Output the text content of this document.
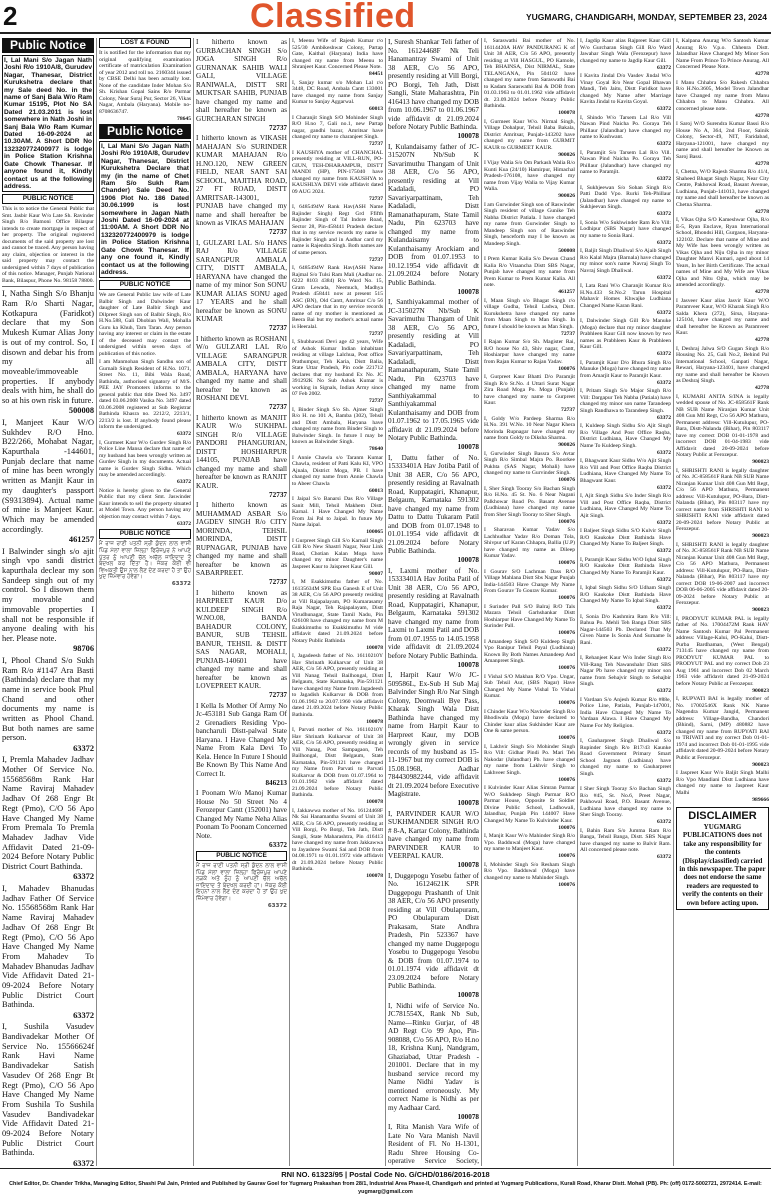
2	Classified	YUGMARG, CHANDIGARH, MONDAY, SEPTEMBER 23, 2024
Public Notice
I, Lal Mani S/o Jagan Nath Joshi R/o 1910A/8, Gurudev Nagar, Thanesar, District Kurukshetra declare that my Sale deed No. in the name of Sanj Bala W/o Ram Kumar 15195, Plot No SA Dated 21.03.2011 is lost somewhere in Nath Joshi in Sanj Bala W/o Ram Kumar Dated 16-09-2024 at 10.30AM. A Short DDR No 132320772400977 is lodge in Police Station Krishna Gate Chowk Thanesar. If anyone found it, Kindly contact us at the following address.
PUBLIC NOTICE

This is to notice the General Public that Smt. Jasbir Kaur W/o Late Sh. Ravinder Singh R/o Bamoni Office Bilaspur intends to create mortgage in respect of her property. The original registered documents of the said property are lost and cannot be traced. Any person having any claim, objection or interest in the said property may contact the undersigned within 7 days of publication of this notice. Manager, Punjab National Bank, Bilaspur, Phone No. 98158 78800.

I, Natha Singh S/o Bhanju Ram R/o Sharti Nagar, Kotkapura (Faridkot) declare that my Son Mukesh Kumar Alias Jony is out of my control. So, I disown and debar his from my all moveable/immoveable properties. If anybody deals with him, he shall do so at his own risk in future.

500008

I, Manjeet Kaur W/O Sukhdev R/O Hno. B22/266, Mohabat Nagar, Kapurthala -144601, Punjab declare that name of mine has been wrongly written as Manjit Kaur in my daughter's passport (S9313894). Actual name of mine is Manjeet Kaur. Which may be amended accordingly.

461257

I Balwinder singh s/o ajit singh vpo sandi district kapurthala declear my son Sandeep singh out of my control. So I disown them my movable and immovable properties I shall not be responsible if anyone dealing with his her. Please note.

98706

I, Phool Chand S/o Sukh Ram R/o #1147 Ara Basti (Bathinda) declare that my name in service book Phul Chand and other documents my name is written as Phool Chand. But both names are same person.

63372

I, Premla Mahadev Jadhav Mother Of Service No. 15568568m Rank Har Name Raviraj Mahadev Jadhav Of 268 Engr Bt Regt (Pmo), C/O 56 Apo Have Changed My Name From Premala To Premla Mahadev Jadhav Vide Affidavit Dated 21-09-2024 Before Notary Public District Court Bathinda.

63372

I, Mahadev Bhanudas Jadhav Father Of Service No. 15568568m Rank Har Name Raviraj Mahadev Jadhav Of 268 Engr Bt Regt (Pmo), C/O 56 Apo Have Changed My Name From Mahadev To Mahadev Bhanudas Jadhav Vide Affidavit Dated 21-09-2024 Before Notary Public District Court Bathinda.

63372

I, Sushila Vasudev Bandivadekar Mother Of Service No. 15566624f Rank Havi Name Bandivadekar Satish Vasudev Of 268 Engr Bt Regt (Pmo), C/O 56 Apo Have Changed My Name From Sushila To Sushila Vasudev Bandivadekar Vide Affidavit Dated 21-09-2024 Before Notary Public District Court Bathinda.

63372

LOST & FOUND

It is notified for the information that my original qualifying examination certificate of matriculation Examination of year 2012 and roll no. 2160344 issued by CBSE Delhi has been actually lost. None of the candidate Inder Mohan S/o Sh. Krishan Gopal Sains R/o Parmar Colony, Near Suraj Pur, Sector 26, Vikas Nagar, Ambala (Haryana). Mobile no-8708636747.

78645

Public Notice
I, Lal Mani S/o Jagan Nath Joshi R/o 1910A/8, Gurudev Nagar, Thanesar, District Kurukshetra Declare that my (in the name of Chet Ram S/o Sukh Ram Chander) Sale Deed No. 1906 Plot No. 186 Dated 30.06.1999 is lost somewhere in Jagan Nath Joshi Dated 16-09-2024 at 11:00AM. A Short DDR No 132320772400979 is lodge in Police Station Krishna Gate Chowk Thanesar. If any one found it, Kindly contact us at the following address.
PUBLIC NOTICE

We are General Public law wife of Late Balbir Singh and Dalwinder Kaur daughter of Late Balbir Singh and Dilpreet Singh son of Balbir Singh, R/o H.No.588, Gali Dhobian Wali, Mohalla Guru ka Khuh, Tarn Taran. Any person having any interest or claim in the estate of the deceased may contact the undersigned within seven days of publication of this notice.

I am Manmohan Singh Sandhu son of Gurnaib Singh Resident of H.No. 1071, Street No. 11, Bibi Wala Road, Bathinda, authorised signatory of M/S. PEE JAY Promoters informs to the general public that title Deed No. 3497 dated 03.06.2008 Vasika No. 3497 dated 03.06.2008 registered at Sub Registrar Bathinda Khasra no. 2212/2, 2213/1, 2213/2 is lost. If anybody found please inform the undersigned.

63372

I, Gurmeet Kaur W/o Gurdev Singh R/o Police Line Mansa declare that name of my husband has been wrongly written as Gurdev Singh in my documents. Actual name is Gurdev Singh Sidhu. Which may be amended accordingly.

63372

Notice is hereby given to the General Public that my client Smt. Jaswinder Kaur intends to sell the property situated at Model Town. Any person having any objection may contact within 7 days.

63372

PUBLIC NOTICE

ਮੈਂ ਰਾਜ ਰਾਣੀ ਪਤਨੀ ਸ੍ਰੀ ਕੁੰਦਨ ਲਾਲ ਵਾਸੀ ਪਿੰਡ ਮੱਲਾਂ ਵਾਲਾ ਜ਼ਿਲ੍ਹਾ ਫਿਰੋਜ਼ਪੁਰ ਨੇ ਆਪਣੇ ਪੁੱਤਰ ਨੂੰ ਆਪਣੀ ਚੱਲ ਅਚੱਲ ਜਾਇਦਾਦ ਤੋਂ ਬੇਦਖਲ ਕਰ ਦਿੱਤਾ ਹੈ। ਜੇਕਰ ਕੋਈ ਵੀ ਵਿਅਕਤੀ ਉਸ ਨਾਲ ਲੈਣ ਦੇਣ ਕਰਦਾ ਹੈ ਤਾਂ ਉਹ ਖੁਦ ਜ਼ਿੰਮੇਵਾਰ ਹੋਵੇਗਾ।

63372

I hitherto known as GURBACHAN SINGH S/o JOGA SINGH R/o GURNANAK SAHIB WALI GALI, VILLAGE RANIWALA, DISTT SRI MUKTSAR SAHIB, PUNJAB have changed my name and shall hereafter be known as GURCHARAN SINGH

72737

I hitherto known as VIKASH MAHAJAN S/o SURINDER KUMAR MAHAJAN R/o H.NO.120, NEW GREEN FIELD, NEAR SANT SAI SCHOOL, MAJITHA ROAD, 27 FT ROAD, DISTT AMRITSAR-143001, PUNJAB have changed my name and shall hereafter be known as VIKAS MAHAJAN

72737

I, GULZARI LAL S/o HANS RAJ R/o VILLAGE SARANGPUR AMBALA CITY, DISTT AMBALA, HARYANA have changed the name of my minor Son SONU KUMAR ALIAS SONU aged 17 YEARS and he shall hereafter be known as SONU KUMAR

72737

I hitherto known as ROSHANI W/o GULZARI LAL R/o VILLAGE SARANGPUR AMBALA CITY, DISTT AMBALA, HARYANA have changed my name and shall hereafter be known as ROSHANI DEVI.

72737

I hitherto known as MANJIT KAUR W/o SUKHPAL SINGH R/o VILLAGE PANDORI PHANGURIAN, DISTT HOSHIARPUR 144105, PUNJAB have changed my name and shall hereafter be known as RANJIT KAUR.

72737

I hitherto known as MUHAMMAD ASBAR S/o JAGDEV SINGH R/o CITY MORINDA, TEHSIL MORINDA, DISTT RUPNAGAR, PUNJAB have changed my name and shall hereafter be known as SABARPREET.

72737

I hitherto known as HARPREET KAUR D/o KULDEEP SINGH R/o W.NO.08, BANDA BAHADUR COLONY, BANUR, SUB TEHSIL BANUR, TEHSIL & DISTT SAS NAGAR, MOHALI, PUNJAB-140601 have changed my name and shall hereafter be known as LOVEPREET KAUR.

72737

I Kella Is Mother Of Army No Jc-453181 Sub Ganga Ram Of 2 Grenadiers Residing Vpo-bancharuli Distt-palwal State Haryana. I Have Changed My Name From Kala Devi To Kela. Hence In Future I Should Be Known By This Name And Correct It.

846213

I Poonam W/o Manoj Kumar House No 50 Street No 4 Ferozepur Cantt (152001) have Changed My Name Neha Alias Poonam To Poonam Concerned Note.

63372

PUBLIC NOTICE

ਮੈਂ ਰਾਜ ਰਾਣੀ ਪਤਨੀ ਸ੍ਰੀ ਕੁੰਦਨ ਲਾਲ ਵਾਸੀ ਪਿੰਡ ਮੱਲਾਂ ਵਾਲਾ ਜ਼ਿਲ੍ਹਾ ਫਿਰੋਜ਼ਪੁਰ ਆਪਣੇ ਲੜਕੇ ਅਤੇ ਨੂੰਹ ਨੂੰ ਆਪਣੀ ਚੱਲ ਅਚੱਲ ਜਾਇਦਾਦ ਤੋਂ ਬੇਦਖਲ ਕਰਦੀ ਹਾਂ। ਜੇਕਰ ਕੋਈ ਇਹਨਾਂ ਨਾਲ ਲੈਣ ਦੇਣ ਕਰਦਾ ਹੈ ਤਾਂ ਉਹ ਖੁਦ ਜ਼ਿੰਮੇਵਾਰ ਹੋਵੇਗਾ।

63372

I, Meenu Wife of Rajesh Kumar r/o 525/30 Ambikeshwar Colony, Partap Gate, Kaithal (Haryana) India have changed my name from Meenu to Shranjeet Kaur. Concerned Please Note.

84451

I, Sanjay kumar s/o Mohan Lal r/o 3448, DC Road, Ambala Cantt 133001 have changed my name from Sanjay Kumar to Sanjay Aggarwal.

60013

I Charanjit Singh S/O Mohinder Singh R/O H.no 7, Gali no.1, new Partap nagar, gandhi bazar, Amritsar have changed my name to charanjeet Singh.

72737

I KAUSHYA mother of CHANCHAL presently residing at VILL-RUN, PO-GIUN, TEH-DHARAMPUR, DISTT MANDI (HP), PIN-175040 have changed my name from KAUSHYA to KAUSHLYA DEVI vide affidavit dated 09 AUG 2024.

72737

I, 6485494W Rank Hav(ASH Name Rajinder Singh) Regt Grd Ffifth Rajinder Singh of Tal Indore Road, Sector 28, Pin-458441 Pradesh declare that in my service records my name is Rajinder Singh and in Aadhar card my name is Rajendra Singh. Both names are of same person.

72737

I, 6485494W Rank Hav(ASH Name Rajmal S/o Tulsi Ram Mali (Aadhar no. 6222 8103 4384) R/o Ward No. 15, Gram Lewada, Neemuch, Madhya Pradesh 458441 now at present 515 ASC (BN), Old Cantt, Amritsar C/o 56 APO declare that in my service records name of my mother is mentioned as Beera Bai but my mother's actual name is Heeralal.

72737

I, Shubhawati Devi age 42 years, Wife of Ashok Kumar Indian inhabitant residing at village Lalchua, Post office Prathumpur, Teh Karia, Distt Balia, State Uttar Pradesh, Pin code 221712 declares that my husband Ex No. JC 391292K No Sub Ashok Kumar is working in Signals, Indian Army since 07 Feb 2002.

72737

I, Binder Singh S/o Sh. Ajmer Singh R/o H. no 101 A, Bamba (302), Tehsil and Distt Ambala, Haryana have changed my name from Binder Singh to Balwinder Singh. In future I may be known as Balwinder Singh.

78640

I Annie Chawla s/o Taranm Kumar Chawla, resident of Patti Kalu KI, VPO Ajnala, District Moga, PB. I have changed my name from Annie Chawla to Abeer Chawla

60013

I Jaipal S/o Banarsi Das R/o Village Sanit Mill, Tehsil Makhem Distt. Karnal. I Have Changed My Name From Jai Pal to Jaipal. In future My Name Jaipal.

100065

I Gurpreet Singh Gill S/o Karnail Singh Gill R/o New Shastri Nagar, Near Link Road, Chotian Kalan Moga have changed my minor Daughter's name Jaspreet Kaur to Jaispreet Kaur Gill.

90007

I, M Esakkimuthu father of No. 16135634M SPR Esa Ganesh E of Unit 38 AER, C/o 56 APO presently residing at Vill Rajapalayam, PO Kumarasamy Raja Nagar, Teh Rajapalayam, Distt Virudhunagar, State Tamil Nadu, Pin 626108 have changed my name from M Esakkimuthu to Esakkimuthu M vide affidavit dated 21.09.2024 before Notary Public Bathinda

100078

I, Jagadeesh father of No. 16110210Y Hav Shrinath Kulkarvar of Unit 38 AER, C/o 56 APO, presently residing at Vill Nanag Tehsil Bailhongal, Distt Belgaum, State Karnataka, Pin-591121 have changed my Name from Jagadeesh to Jagadish Kulkarvar & DOB from 01.06.1962 to 20.07.1960 vide affidavit dated 21.09.2024 before Notary Public Bathinda.

100078

I, Parvati mother of No. 16110210Y Hav Shrinath Kulkarvar of Unit 38 AER, C/o 56 APO, presently residing at Vill Nanag, Post Sampagaon, Teh Bailhongal, Distt Belgaum, State Karnataka, Pin-591121 have changed my Name from Parvati to Parvati Kulkarvar & DOB from 01.07.1964 to 01.01.1962 vide affidavit dated 21.09.2024 before Notary Public Bathinda.

100078

I, Jakkawwa mother of No. 16124468F Nk Sai Hanamantha Swami of Unit 38 AER, C/o 56 APO, presently residing at Vill Borgi, Po Borgi, Teh Jath, Distt Sangli, State Maharashtra, Pin 416413 have changed my name from Jakkawwa to Jayashree Swami Sai and DOB from 04.08.1971 to 01.01.1972 vide affidavit dt 21.09.2024 before Notary Public Bathinda.

100078

I, Suresh Shankar Teli father of No. 16124468F Nk Teli Hanamantray Swami of Unit 38 AER, C/o 56 APO, presently residing at Vill Borgi, PO Borgi, Teh Jath, Distt Sangli, State Maharashtra, Pin 416413 have changed my DOB from 10.06.1967 to 01.06.1967 vide affidavit dt 21.09.2024 before Notary Public Bathinda.

100078

I, Kulandaisamy father of JC-315207N Nb/Sub K Savarimuthu Thangam of Unit 38 AER, C/o 56 APO, presently residing at Vill Kadaladi, PO Savariyarpattinam, Teh Kadaladi, Distt Ramanathapuram, State Tamil Nadu, Pin 623703 have changed my name from Kulandaisamy to Kulanthaisamy Arockiam and DOB from 01.07.1953 to 10.12.1954 vide affidavit dt 21.09.2024 before Notary Public Bathinda.

100078

I, Santhiyakammal mother of JC-315027N Nb/Sub K Savarimuthu Thangam of Unit 38 AER, C/o 56 APO, presently residing at Vill Kadaladi, PO Savariyarpattinam, Teh Kadaladi, Distt Ramanathapuram, State Tamil Nadu, Pin 623703 have changed my name from Santhiyakammal to Santhiyakammal Kulanthaisamy and DOB from 01.07.1962 to 17.05.1965 vide affidavit dt 21.09.2024 before Notary Public Bathinda.

100078

I, Dattu father of No. 15333401A Hav Jotiba Patil of Unit 38 AER, C/o 56 APO, presently residing at Ravalnath Road, Kuppatagiri, Khanapur, Belgaum, Karnataka 591302 have changed my name from Dattu to Dattu Tukaram Patil and DOB from 01.07.1948 to 01.01.1954 vide affidavit dt 21.09.2024 before Notary Public Bathinda.

100078

I, Laxmi mother of No. 15333401A Hav Jotiba Patil of Unit 38 AER, C/o 56 APO, presently residing at Ravalnath Road, Kuppatagiri, Khanapur, Belgaum, Karnataka 591302 have changed my name from Laxmi to Laxmi Patil and DOB from 01.07.1955 to 14.05.1958 vide affidavit dt 21.09.2024 before Notary Public Bathinda.

100078

I, Harpit Kaur W/o JC-509586L, Ex-Sub H Sub Maj Balvinder Singh R/o Nar Singh Colony, Deomwali Bye Pass, Kharak Singh Wala Distt Bathinda have changed my name from Harpit Kaur to Harpreet Kaur, my DOB wrongly given in service records of my husband as 15-11-1967 but my correct DOB is 15.08.1968, Aadhar 784430982244, vide affidavit dt 21.09.2024 before Executive Magistrate.

100078

I, PARVINDER KAUR W/O SUKHMANDER SINGH R/O # 8-A, Kartar Colony, Bathinda have changed my name from PARVINDER KAUR to VEERPAL KAUR.

100078

I, Duggepogu Yosebu father of No. 16124621K SPR Duggepogu Prashanth of Unit 38 AER, C/o 56 APO presently residing at Vill Obulapuram, PO Obulapuram Distt Prakasam, State Andhra Pradesh, Pin 523367 have changed my name Duggepogu Yosebu to Duggepogu Yesobu & DOB from 01.07.1974 to 01.01.1974 vide affidavit dt 23.09.2024 before Notary Public Bathinda.

100078

I, Nidhi wife of Service No. JC781554X, Rank Nb Sub, Name—Rinku Gurjar, of 48 AD Regt C/o 99 Apo, Pin- 908088, C/o 56 APO, R/o H.no 18, Krishna Kunj, Nandgram, Ghaziabad, Uttar Pradesh - 201001. Declare that in my husband service record my Name Nidhi Yadav is mentioned erroneously. My correct Name is Nidhi as per my Aadhaar Card.

100078

I, Rita Manish Vara Wife of Late No Vara Manish Navil Resident of Fl. No H-1301, Radu Shree Housing Co-operative Service Society,

I, Saraswathi Bai mother of No. 16114420A HAV PANDURANG K of Unit 38 AER, C/o 56 APO, presently residing at Vill HASGUL, PO Kamole, Teh BHAINSA, Dist NIRMAL, State TELANGANA, Pin 504102 have changed my name from Saraswathi Bai to Kadam Saraswathi Bai & DOB from 01.03.1963 to 01.01.1962 vide affidavit dt. 23.09.2024 before Notary Public Bathinda.

100078

I, Gurmeet Kaur W/o. Nirmal Singh, Village Dohalpur, Tehsil Baba Bakala, District Amritsar, Punjab-143202 have changed my name from GURMIT KAUR to GURMEET KAUR.

900026

I Vijay Walia S/o Om Parkash Walia R/o Kunti Kua (24/10) Hamirpur, Himachal Pradesh-176108, have changed my name from Vijay Walia to Vijay Kumar Walia.

900026

I am Gurwinder Singh son of Raswinder Singh resident of village Gunike Teh Nabha District Patiala. I have changed my name from Gurwinder Singh to Mandeep Singh son of Raswinder Singh, henceforth may I be known as Mandeep Singh.

500008

I Prem Kumar Kalia S/o Dewan Chand Kalia R/o Vitaancha Distt SBS Nagar, Punjab have changed my name from Prem Kumar to Prem Kumar Kalia. All note.

461257

I, Maan Singh s/o Bhagat Singh r/o village Gudha, Tehsil Ladwa, Distt. Kurukshetra have changed my name from Maan Singh to Man Singh. In future I should be known as Man Singh.

72737

I Rajan Kumar S/o Sh. Magister Rai, R/O house No 43, Shiv nagar, Cantt, Hoshiarpur have changed my name from Rajan Kumar to Rajan Yadav.

100076

I, Gurpreet Kaur Bhatti D/o Paramjit Singh R/o St.No. 4 Uttari Surat Nagar Zira Road Moga Po. Moga (Punjab) have changed my name to Gurpreet Kaur.

72737

I, Goldy W/o Pardeep Sharma R/o H.No. 391 W.No. 10 Near Nagar Khera Morinda Rupnagar have changed my name from Goldy to Diksha Sharma.

900026

I, Gurwinder Singh Bassra S/o Avtar Singh R/o Simbal Majra Po. Roorkee Pukhta (SAS Nagar, Mohali) have changed my name to Gurvinder Singh.

100076

I, Sher Singh Tooray S/o Bachan Singh R/o H.No. 45 St. No. 6 Near Nagani Palkhowar Road Po. Basant Avenue (Ludhiana) have changed my name from Sher Singh Tooray to Sher Singh.

100076

I Sharavan Kumar Yadav S/o Lachhudhar Yadav R/o Doman Tola, Shivpur urf Karan Chhapra, Ballia (U.P) have changed my name as Dileep Kumar Yadav.

100076

I Gourav S/O Lachman Dass R/O Village Mahlana Distt Sbs Nagar Punjab India-144503 Have Change My Name From Gourav To Gourav Kumar.

100076

I Surinder Pall S/O Balraj R/O Tals Mazara Tehsil Garhshankar Distt Hoshiarpur Have Changed My Name To Surinder Pall.

100076

I Amandeep Singh S/O Kuldeep Singh Vpo Ranipur Tehsil Payal (Ludhiana) Known By Both Names Amandeep And Amanpreet Singh.

100076

I Vishal S/O Makhan R/O Vpo. Ungar, Sub Tehsil Aur, (SBS Nagar) Have Changed My Name Vishal To Vishal Kumar.

100076

I Chinder Kaur W/o Navinder Singh R/o Bhodiwala (Moga) have declared to Chinder kaur alias Sukhinder Kaur are One & same person.

100076

I, Lakhvir Singh S/o Mohinder Singh R/o Vill: Gidhar Pindi Po. Mari Teh Nakodar (Jalandhar) Pb. have changed my name from Lakhvir Singh to Lakhveer Singh.

100076

I Kulvinder Kaur Alias Simran Parmar W/O Sukhdeep Singh Parmar R/O Parmar House, Opposite St Soldier Divine Public School, Ladhowali, Jalandhar, Punjab Pin 144007 Have Changed My Name To Kulvinder Kaur.

100076

I, Manjit Kaur W/o Mahinder Singh R/o Vpo. Badduwal (Moga) have changed my name to Manjeet Kaur.

100076

I, Mohinder Singh S/o Resham Singh R/o Vpo. Badduwal (Moga) have changed my name to Mahinder Singh.

100076

I, Jagdip Kaur alias Rajpreet Kaur Gill W/o Gurcharan Singh Gill R/o Ward Jawahar Singh Wala (Ferozepur) have changed my name to Jagdip Kaur Gill.

63372

I Kavita Jindal D/o Vasdev Jindal W/o Vinay Goyal R/o Near Gopal Bhawan Mandi, Teh Jaitu, Distt Faridkot have changed My Name after Marriage Kavita Jindal to Kavita Goyal.

63372

I, Shindo W/o Tarsem Lal R/o Vill Nawan Pind Naicha Po. Goraya Teh Phillaur (Jalandhar) have changed my name to Kushwant.

63372

I, Paramjit S/o Tarsem Lal R/o Vill. Nawan Pind Naicha Po. Goraya Teh Phillaur (Jalandhar) have changed my name to Paramjit.

63372

I, Sukhjeewan S/o Sohan Singh R/o Patti Dadd Vpo. Rurki Teh-Phillaur (Jalandhar) have changed my name to Sukhjeevan Singh.

63372

I, Sonia W/o Sukhwinder Ram R/o Vill: Lodhipur (SBS Nagar) have changed my name to Sonia Rani.

63372

I, Baljit Singh Dhaliwal S/o Ajaib Singh R/o Kalal Majra (Barnala) have changed my minor son's name Navraj Singh To Navraj Singh Dhaliwal.

63372

I, Lata Rani W/o Charanjit Kumar R/o H.No.433 St.No.2 Tarun Hospital Mahavir Homes Khwajke Ludhiana Changed Name Karan Rani.

63372

I, Dalwinder Singh Gill R/o Manuke (Moga) declare that my minor daughter Prabhleen Kaur Gill now known by two names as Prabhleen Kaur & Prabhleen Kaur Gill.

63372

I, Paramjit Kaur D/o Bhura Singh R/o Manuke (Moga) have changed my name from Amarjit Kaur to Paramjit Kaur.

63372

I, Pritam Singh S/o Major Singh R/o Vill: Dargapur Teh Nabha (Patiala) have changed my minor son name Tarandeep Singh Randhawa to Tarandeep Singh.

63372

I, Kuldeep Singh Sidhu S/o Ajit Singh R/o Village And Post Office Raqba, District Ludhiana, Have Changed My Name To Kuldeep Singh.

63372

I, Bhagwant Kaur Sidhu W/o Ajit Singh R/o Vill and Post Office Raqba District Ludhiana, Have Changed My Name To Bhagwant Kaur.

63372

I, Ajit Singh Sidhu S/o Inder Singh R/o Vill and Post Office Raqba, District Ludhiana, Have Changed My Name To Ajit Singh.

63372

I Baljeet Singh Sidhu S/O Kulvir Singh R/O Kaukoke Distt Bathinda Have Changed My Name To Baljeet Singh.

63372

I, Paramjit Kaur Sidhu W/O Iqbal Singh R/O Kaukoke Distt Bathinda Have Changed My Name To Paramjit Kaur.

63372

I, Iqbal Singh Sidhu S/O Udham Singh R/O Kaukoke Distt Bathinda Have Changed My Name To Iqbal Singh.

63372

I, Sonia D/o Kashmira Ram R/o Vill: Bahua Po. Mehli Teh Banga Distt SBS Nagar-144503 Pb. Declared That My Given Name Is Sonia And Surname Is Rani.

63372

I, Rehanjeet Kaur W/o Inder Singh R/o Vill-Rang Teh Nawanshahr Distt SBS Nagar Pb have changed my minor son name from Sehajvir Singh to Sehajbir Singh.

63372

I Vardaan S/o Anjesh Kumar R/o #88e, Police Line, Patiala, Punjab-147001, India Have Changed My Name To Vardaan Alawa. I Have Changed My Name For My Religion.

63372

I, Gauharpreet Singh Dhaliwal S/o Rupinder Singh R/o B17/43 Kaunke Road Government Primary Smart School Jagraon (Ludhiana) have changed my name to Gauharpreet Singh.

63372

I Sher Singh Tooray S/o Bachan Singh R/o #45, St. No.6, Preet Nagar, Pakhowal Road, P.O. Basant Avenue, Ludhiana have changed my name to Sher Singh Tooray.

63372

I, Bahin Ram S/o Jumma Ram R/o Banga, Tehsil Banga, Distt. SBS Nagar have changed my name to Balvir Ram. All concerned please note.

63372

I, Kalpana Anurag W/o Santosh Kumar Anurag R/o V.p.o. Chhenra Distt. Jalandhar Have Changed My Minor Son Name From Prince To Prince Anurag. All Concerned Please Note.

42778

I Manu Chhabra S/o Rakesh Chhabra R/o H.No.3605, Model Town Jalandhar have Changed my name from Manu Chhabra to Manu Chhabra. All concerned please note.

42778

I Saroj W/O Surendra Kumar Bassi R/o House No A, 364, 2nd Floor, Sainik Colony, Sector-49, NIT, Faridabad, Haryana-121001, have changed my name and shall hereafter be Known as Saroj Bassi.

42778

I, Chetna, W/O Rajesh Sharma R/o 41/4, Shaheed Bhagat Singh Nagar, Near City Centre, Pakhowal Road, Basant Avenue, Ludhiana, Punjab-141013, have changed my name and shall hereafter be known as Chetna Sharma.

42778

I, Vikas Ojha S/O Kameshwar Ojha, R/o E-5, Ryan Enclave, Ryan International School, Bhondsi Hill, Gurgaon, Haryana-122102. Declare that name of Mine and My Wife has been wrongly written as Vikas Ojha and Niju Ojha in my minor Daughter Manvi Kumari, aged about 14 Years, In her Birth Certificate. The actual names of Mine and My Wife are Vikas Ojha and Nitu Ojha, which may be amended accordingly.

42778

I Jasveer Kaur alias Jasvir Kaur W/O Paramveer Kaur, W/O Kharak Singh R/o Salda Khera (272), Sirsa, Haryana-125104, have changed my name and shall hereafter be Known as Paramveer Kaur.

42778

I, Deshraj Jalwa S/O Gugan Singh R/o Housing No. 25, Gali No.2, Behind Pal International School, Ganpati Nagar, Rewari, Haryana-123401, have changed my name and shall hereafter be Known as Deshraj Singh.

42778

I, KUMARI ANITA S/INA is legally wedded spouse of No. JC-858561F Rank NB SUB Name Niranjan Kumar Unit 408 Gun Mtl Regt, C/o 56 APO Mathura, Permanent address: Vill-Kutulupur, PO-Bara, Distt-Nalanda (Bihar), Pin 803117 have my correct DOB 01-01-1978 and incorrect DOB 01-04-1983 vide Affidavit dated 20-09-2024 before Notary Public at Ferozepur.

900023

I, SHRISHTI RANI is legally daughter of No. JC-858561F Rank NB SUB Name Niranjan Kumar Unit 408 Gun Mtl Regt, C/o 56 APO Mathura, Permanent address: Vill-Kutulupur, PO-Bara, Distt-Nalanda (Bihar), Pin 803117 have my correct name from SHRISHTI RANI to SHRISHTI RANI vide affidavit dated 20-09-2024 before Notary Public at Ferozepur.

900023

I, SHRISHTI RANI is legally daughter of No. JC-858561F Rank NB SUB Name Niranjan Kumar Unit 408 Gun Mtl Regt, C/o 56 APO Mathura, Permanent address: Vill-Kutulupur, PO-Bara, Distt-Nalanda (Bihar), Pin 803117 have my correct DOB 19-06-2007 and incorrect DOB 06-06-2005 vide affidavit dated 20-09-2024 before Notary Public at Ferozepur.

900023

I, PRODYUT KUMAR PAL is legally father of No. 17004472M Rank HAV Name Santosh Kumar Pal Permanent address: Village-Kalui, PO-Kalui, Distt-Purba Bardhaman, (West Bengal) 713145 have changed my name from PRODYUT KUMAR PAL to PRODYUT PAL and my correct Dob 23 Aug 1961 and incorrect Dob 02 March 1963 vide affidavit dated 21-09-2024 before Notary Public at Ferozepur.

900023

I, RUPVATI BAI is legally mother of No. 17002546X Rank NK Name Nagendra Kumar Jangid, Permanent address: Village-Bandha, Chandori (Bhind), Sarni, (MP) 480882 have changed my name from RUPYATI BAI to TRIVATI and my correct Dob 01-01-1974 and incorrect Dob 01-01-1995 vide affidavit dated 20-09-2024 before Notary Public at Ferozepur.

900023

I Jaspreet Kaur W/o Baljit Singh Malhi R/o Vpo Mandiani Distt Ludhiana have changed my name to Jaspreet Kaur Malhi

989666

DISCLAIMER

YUGMARG PUBLICATIONS does not take any responsibility for the contents (Display/classified) carried in this newspaper. The paper does not endorse the same readers are requested to verify the contents on their own before acting upon.

RNI NO. 61323/95 | Postal Code No. G/CHD/0186/2016-2018
Chief Editor, Dr. Chander Trikha, Managing Editor, Shashi Pal Jain, Printed and Published by Gaurav Goel for Yugmarg Prakashan from 28/1, Industrial Area Phase-II, Chandigarh and printed at Yugmarg Publications, Kurali Road, Kharar Distt. Mohali (PB). Ph: (off) 0172-5002721, 2972414. E-mail: yugmarg@gmail.com
